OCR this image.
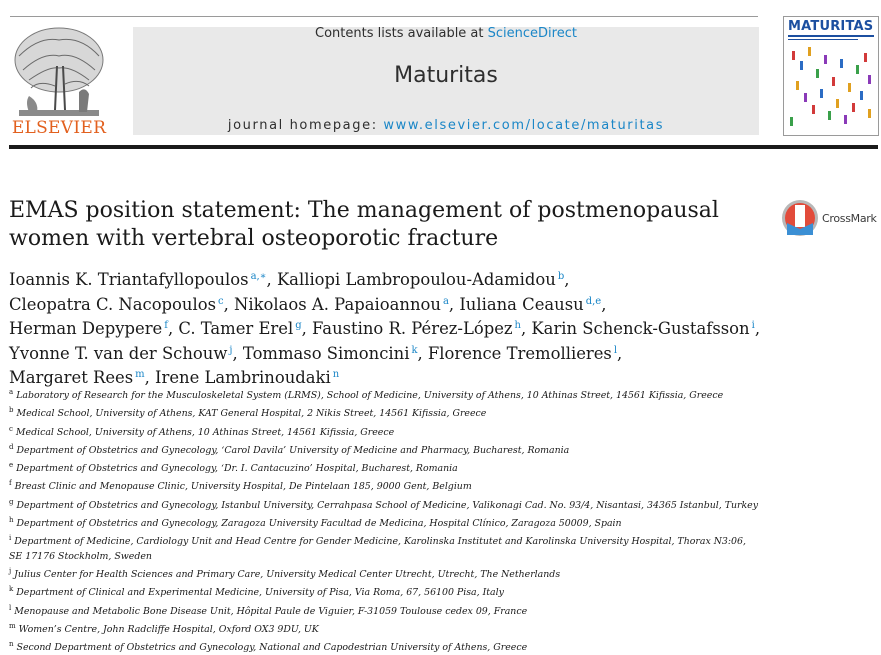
ELSEVIER
Contents lists available at ScienceDirect
Maturitas
journal homepage: www.elsevier.com/locate/maturitas
MATURITAS
EMAS position statement: The management of postmenopausal
women with vertebral osteoporotic fracture
CrossMark
Ioannis K. Triantafyllopoulos $^{a,∗}$, Kalliopi Lambropoulou-Adamidou $^b$,
Cleopatra C. Nacopoulos $^c$, Nikolaos A. Papaioannou $^a$, Iuliana Ceausu $^{d,e}$,
Herman Depypere $^f$, C. Tamer Erel $^g$, Faustino R. Pérez-López $^h$, Karin Schenck-Gustafsson $^i$,
Yvonne T. van der Schouw $^j$, Tommaso Simoncini $^k$, Florence Tremollieres $^l$,
Margaret Rees $^m$, Irene Lambrinoudaki $^n$
$^a$ Laboratory of Research for the Musculoskeletal System (LRMS), School of Medicine, University of Athens, 10 Athinas Street, 14561 Kifissia, Greece
$^b$ Medical School, University of Athens, KAT General Hospital, 2 Nikis Street, 14561 Kifissia, Greece
$^c$ Medical School, University of Athens, 10 Athinas Street, 14561 Kifissia, Greece
$^d$ Department of Obstetrics and Gynecology, ‘Carol Davila’ University of Medicine and Pharmacy, Bucharest, Romania
$^e$ Department of Obstetrics and Gynecology, ‘Dr. I. Cantacuzino’ Hospital, Bucharest, Romania
$^f$ Breast Clinic and Menopause Clinic, University Hospital, De Pintelaan 185, 9000 Gent, Belgium
$^g$ Department of Obstetrics and Gynecology, Istanbul University, Cerrahpasa School of Medicine, Valikonagi Cad. No. 93/4, Nisantasi, 34365 Istanbul, Turkey
$^h$ Department of Obstetrics and Gynecology, Zaragoza University Facultad de Medicina, Hospital Clínico, Zaragoza 50009, Spain
$^i$ Department of Medicine, Cardiology Unit and Head Centre for Gender Medicine, Karolinska Institutet and Karolinska University Hospital, Thorax N3:06,
SE 17176 Stockholm, Sweden
$^j$ Julius Center for Health Sciences and Primary Care, University Medical Center Utrecht, Utrecht, The Netherlands
$^k$ Department of Clinical and Experimental Medicine, University of Pisa, Via Roma, 67, 56100 Pisa, Italy
$^l$ Menopause and Metabolic Bone Disease Unit, Hôpital Paule de Viguier, F-31059 Toulouse cedex 09, France
$^m$ Women’s Centre, John Radcliffe Hospital, Oxford OX3 9DU, UK
$^n$ Second Department of Obstetrics and Gynecology, National and Capodestrian University of Athens, Greece
